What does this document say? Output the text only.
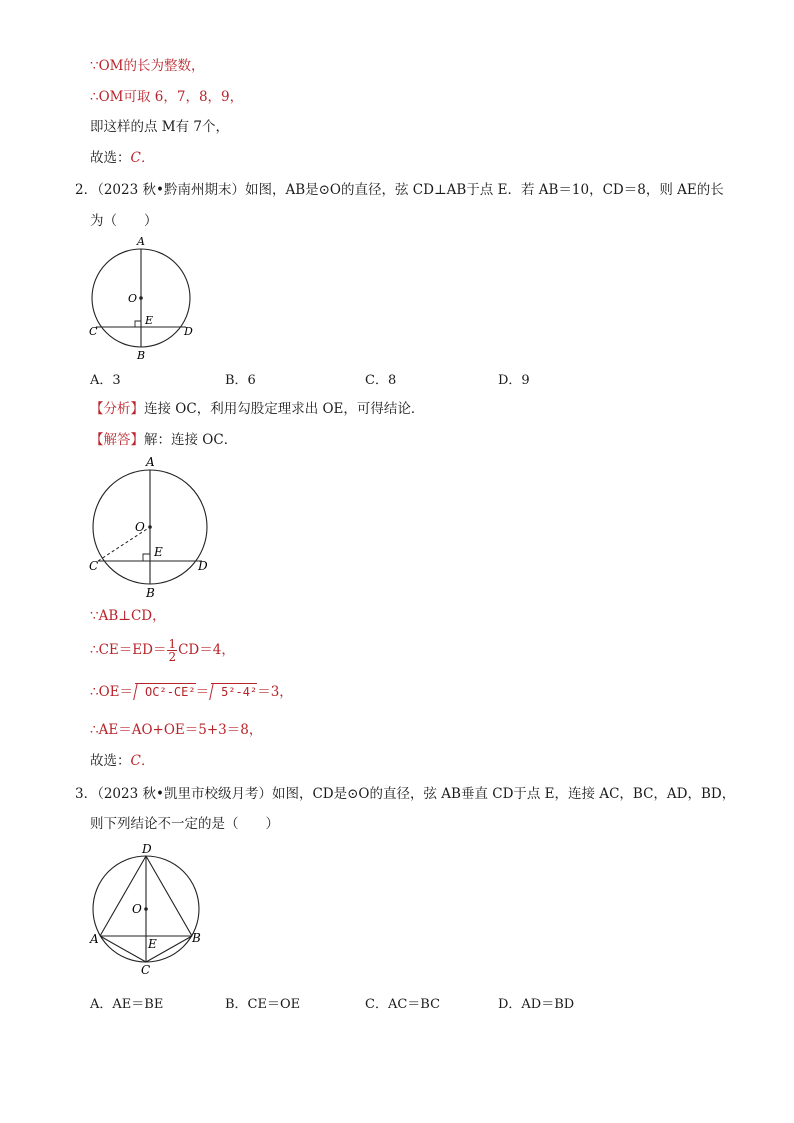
∵OM的长为整数，
∴OM可取 6，7，8，9，
即这样的点 M有 7个，
故选：C．
2．（2023 秋•黔南州期末）如图，AB是⊙O的直径，弦 CD⊥AB于点 E．若 AB＝10，CD＝8，则 AE的长
为（　　）
A
O
C
E
D
B
A．3	B．6	C．8	D．9
【分析】连接 OC，利用勾股定理求出 OE，可得结论．
【解答】解：连接 OC．
A
O
C
E
D
B
∵AB⊥CD，
∴CE＝ED＝ $\frac{1}{2} CD=4$，
∴OE＝ OC²-CE²＝ 5²-4²＝3，
∴AE＝AO+OE＝5+3＝8，
故选：C．
3．（2023 秋•凯里市校级月考）如图，CD是⊙O的直径，弦 AB垂直 CD于点 E，连接 AC，BC，AD，BD，
则下列结论不一定的是（　　）
D
O
A	E	B
C
A．AE＝BE	B．CE＝OE	C．AC＝BC	D．AD＝BD
